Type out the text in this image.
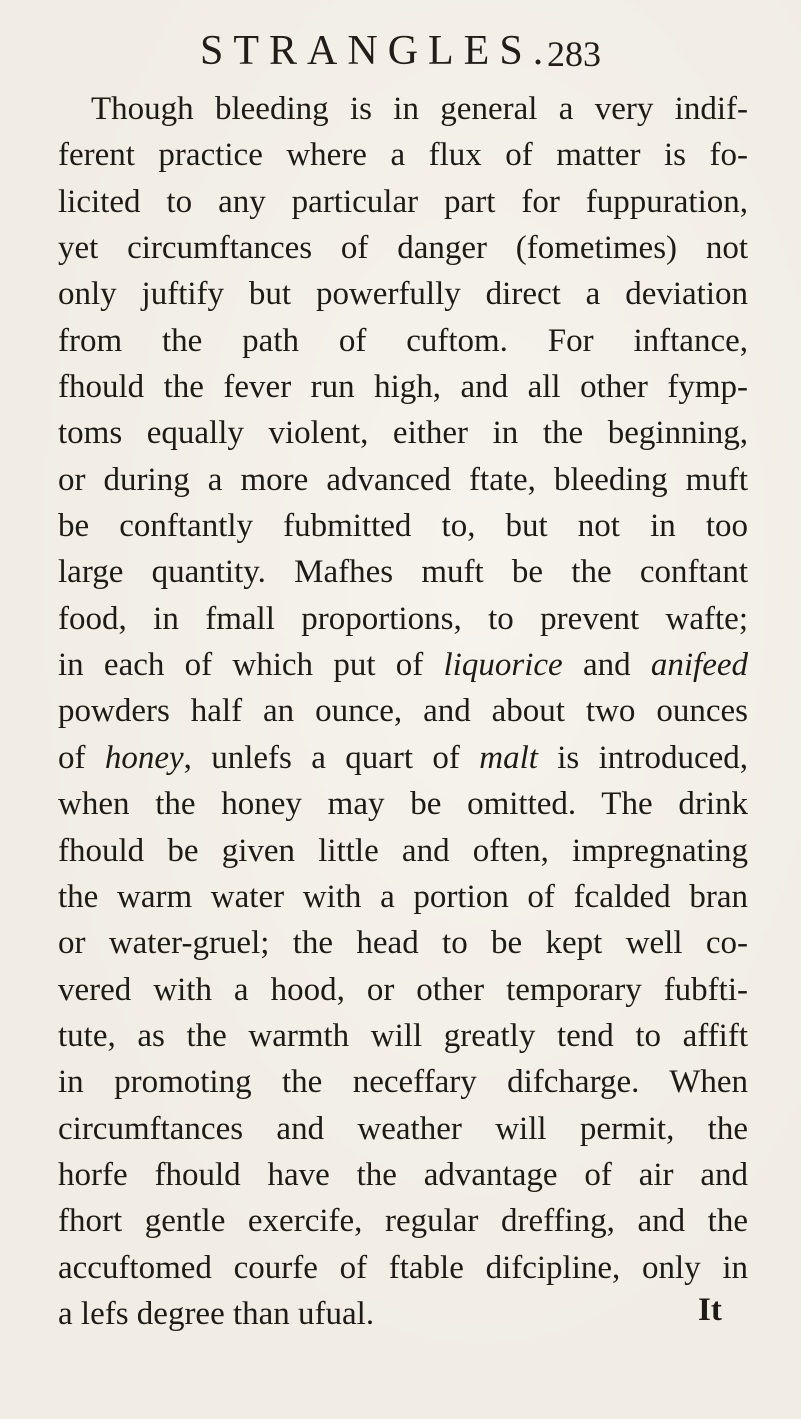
STRANGLES.
283
Though bleeding is in general a very indif-
ferent practice where a flux of matter is fo-
licited to any particular part for fuppuration,
yet circumftances of danger (fometimes) not
only juftify but powerfully direct a deviation
from the path of cuftom. For inftance,
fhould the fever run high, and all other fymp-
toms equally violent, either in the beginning,
or during a more advanced ftate, bleeding muft
be conftantly fubmitted to, but not in too
large quantity. Mafhes muft be the conftant
food, in fmall proportions, to prevent wafte;
in each of which put of liquorice and anifeed
powders half an ounce, and about two ounces
of honey, unlefs a quart of malt is introduced,
when the honey may be omitted. The drink
fhould be given little and often, impregnating
the warm water with a portion of fcalded bran
or water-gruel; the head to be kept well co-
vered with a hood, or other temporary fubfti-
tute, as the warmth will greatly tend to affift
in promoting the neceffary difcharge. When
circumftances and weather will permit, the
horfe fhould have the advantage of air and
fhort gentle exercife, regular dreffing, and the
accuftomed courfe of ftable difcipline, only in
a lefs degree than ufual.	It
